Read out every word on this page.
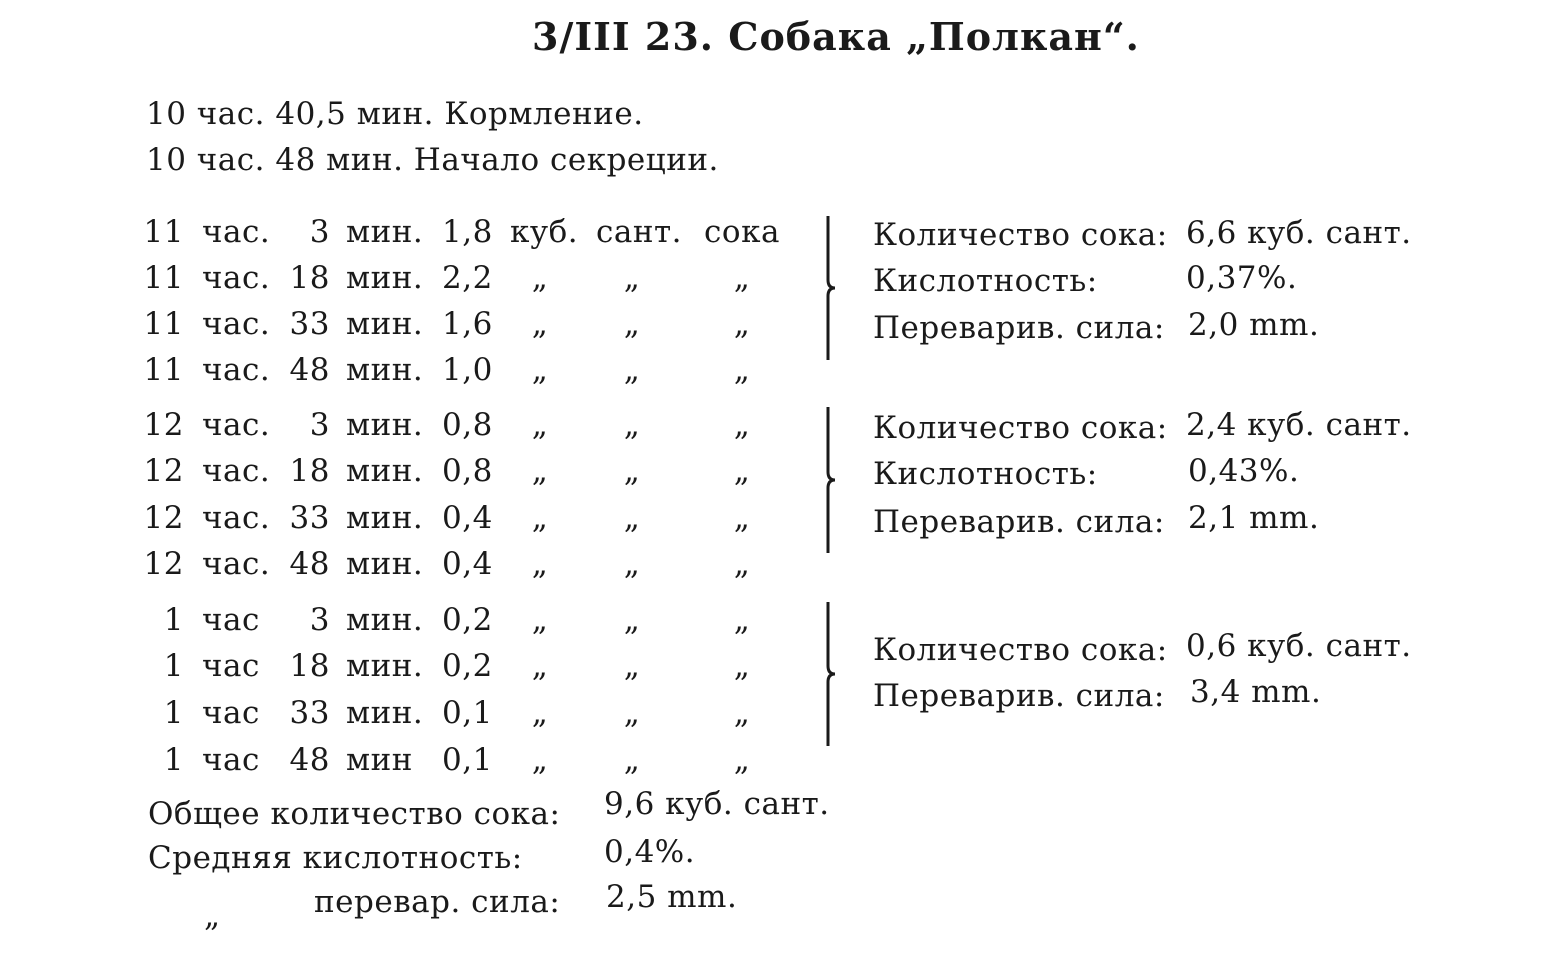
3/III 23. Собака „Полкан“.
10 час. 40,5 мин. Кормление.
10 час. 48 мин. Начало секреции.
11 час.	3 мин. 1,8 куб. сант. сока
11 час. 18 мин. 2,2	„	„	„
11 час. 33 мин. 1,6	„	„	„
11 час. 48 мин. 1,0	„	„	„
12 час.	3 мин. 0,8	„	„	„
12 час. 18 мин. 0,8	„	„	„
12 час. 33 мин. 0,4	„	„	„
12 час. 48 мин. 0,4	„	„	„
1 час	3 мин. 0,2	„	„	„
1 час 18 мин. 0,2	„	„	„
1 час 33 мин. 0,1	„	„	„
1 час 48 мин 0,1	„	„	„
Количество сока: 6,6 куб. сант.
Кислотность:	0,37%.
Переварив. сила: 2,0 mm.
Количество сока: 2,4 куб. сант.
Кислотность:	0,43%.
Переварив. сила: 2,1 mm.
Количество сока: 0,6 куб. сант.
Переварив. сила: 3,4 mm.
Общее количество сока: 9,6 куб. сант.
Средняя кислотность:	0,4%.
„	перевар. сила: 2,5 mm.
